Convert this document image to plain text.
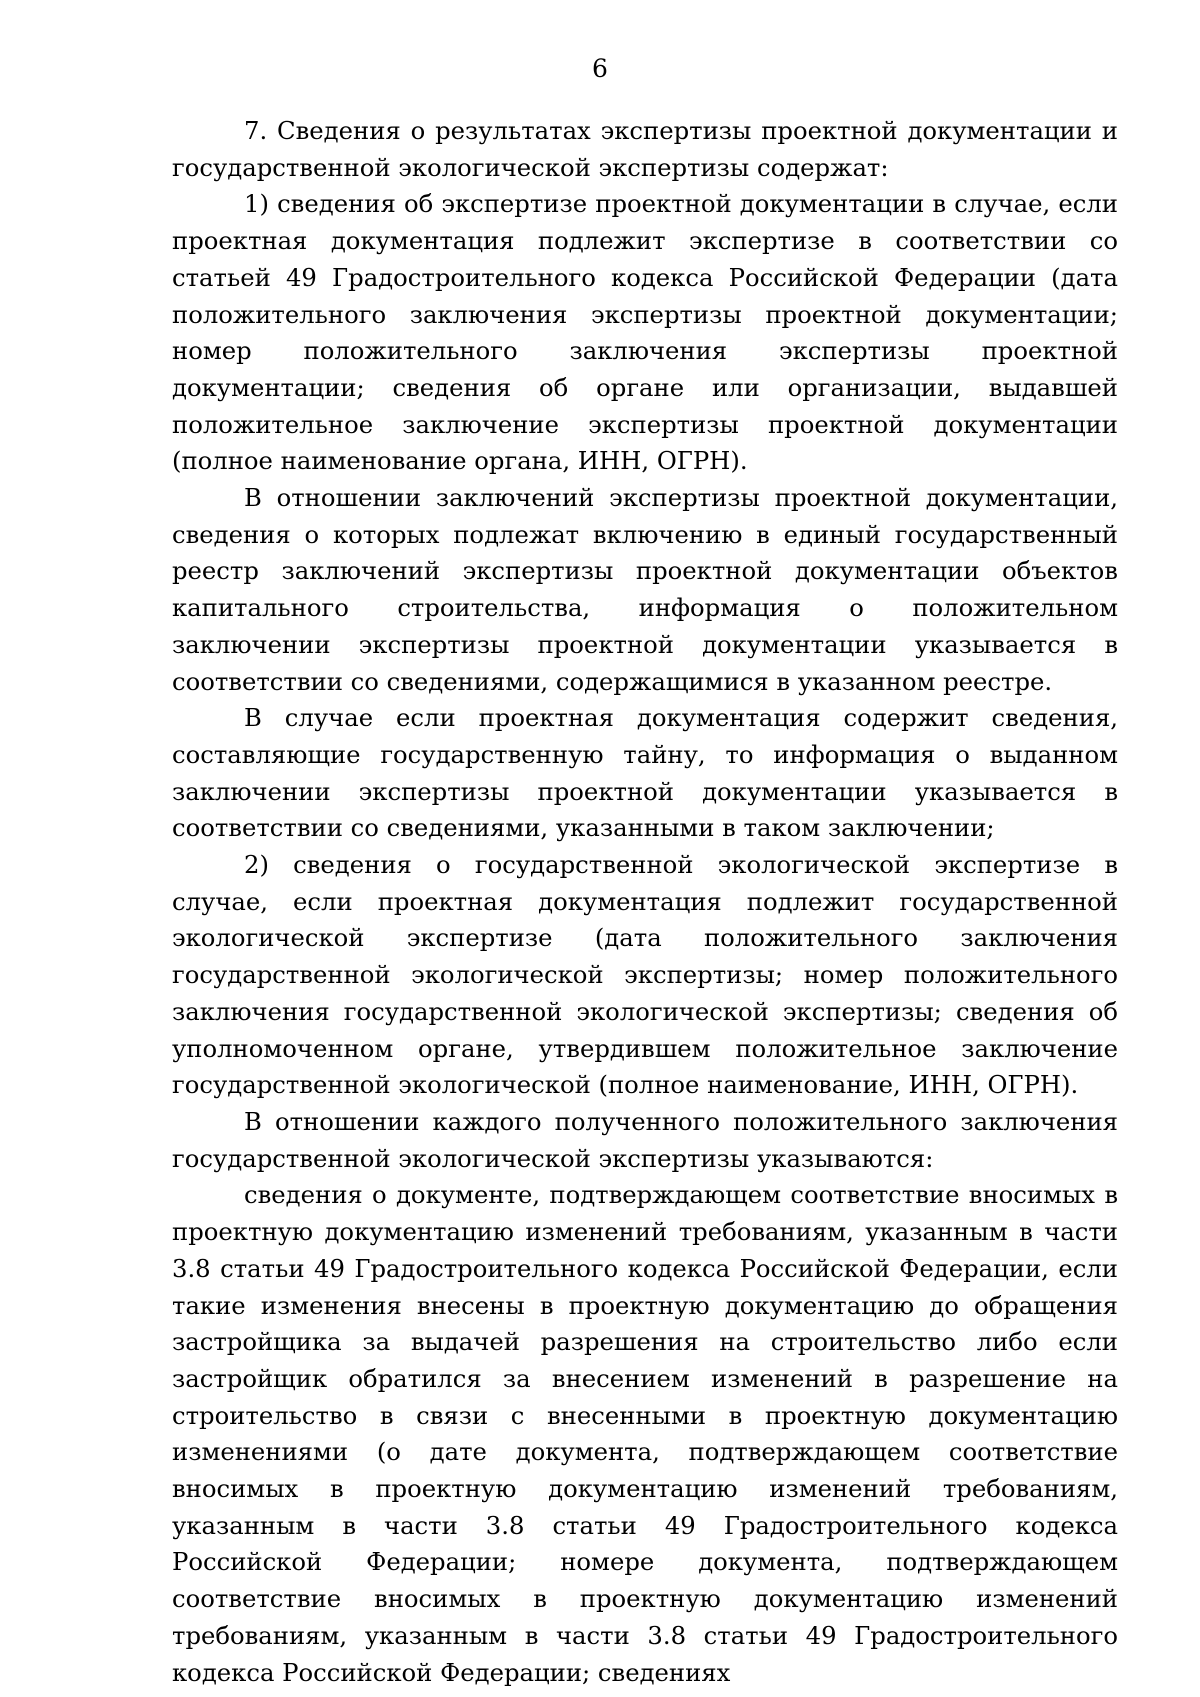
6

7. Сведения о результатах экспертизы проектной документации и государственной экологической экспертизы содержат:

1) сведения об экспертизе проектной документации в случае, если проектная документация подлежит экспертизе в соответствии со статьей 49 Градостроительного кодекса Российской Федерации (дата положительного заключения экспертизы проектной документации; номер положительного заключения экспертизы проектной документации; сведения об органе или организации, выдавшей положительное заключение экспертизы проектной документации (полное наименование органа, ИНН, ОГРН).

В отношении заключений экспертизы проектной документации, сведения о которых подлежат включению в единый государственный реестр заключений экспертизы проектной документации объектов капитального строительства, информация о положительном заключении экспертизы проектной документации указывается в соответствии со сведениями, содержащимися в указанном реестре.

В случае если проектная документация содержит сведения, составляющие государственную тайну, то информация о выданном заключении экспертизы проектной документации указывается в соответствии со сведениями, указанными в таком заключении;

2) сведения о государственной экологической экспертизе в случае, если проектная документация подлежит государственной экологической экспертизе (дата положительного заключения государственной экологической экспертизы; номер положительного заключения государственной экологической экспертизы; сведения об уполномоченном органе, утвердившем положительное заключение государственной экологической (полное наименование, ИНН, ОГРН).

В отношении каждого полученного положительного заключения государственной экологической экспертизы указываются:

сведения о документе, подтверждающем соответствие вносимых в проектную документацию изменений требованиям, указанным в части 3.8 статьи 49 Градостроительного кодекса Российской Федерации, если такие изменения внесены в проектную документацию до обращения застройщика за выдачей разрешения на строительство либо если застройщик обратился за внесением изменений в разрешение на строительство в связи с внесенными в проектную документацию изменениями (о дате документа, подтверждающем соответствие вносимых в проектную документацию изменений требованиям, указанным в части 3.8 статьи 49 Градостроительного кодекса Российской Федерации; номере документа, подтверждающем соответствие вносимых в проектную документацию изменений требованиям, указанным в части 3.8 статьи 49 Градостроительного кодекса Российской Федерации; сведениях
